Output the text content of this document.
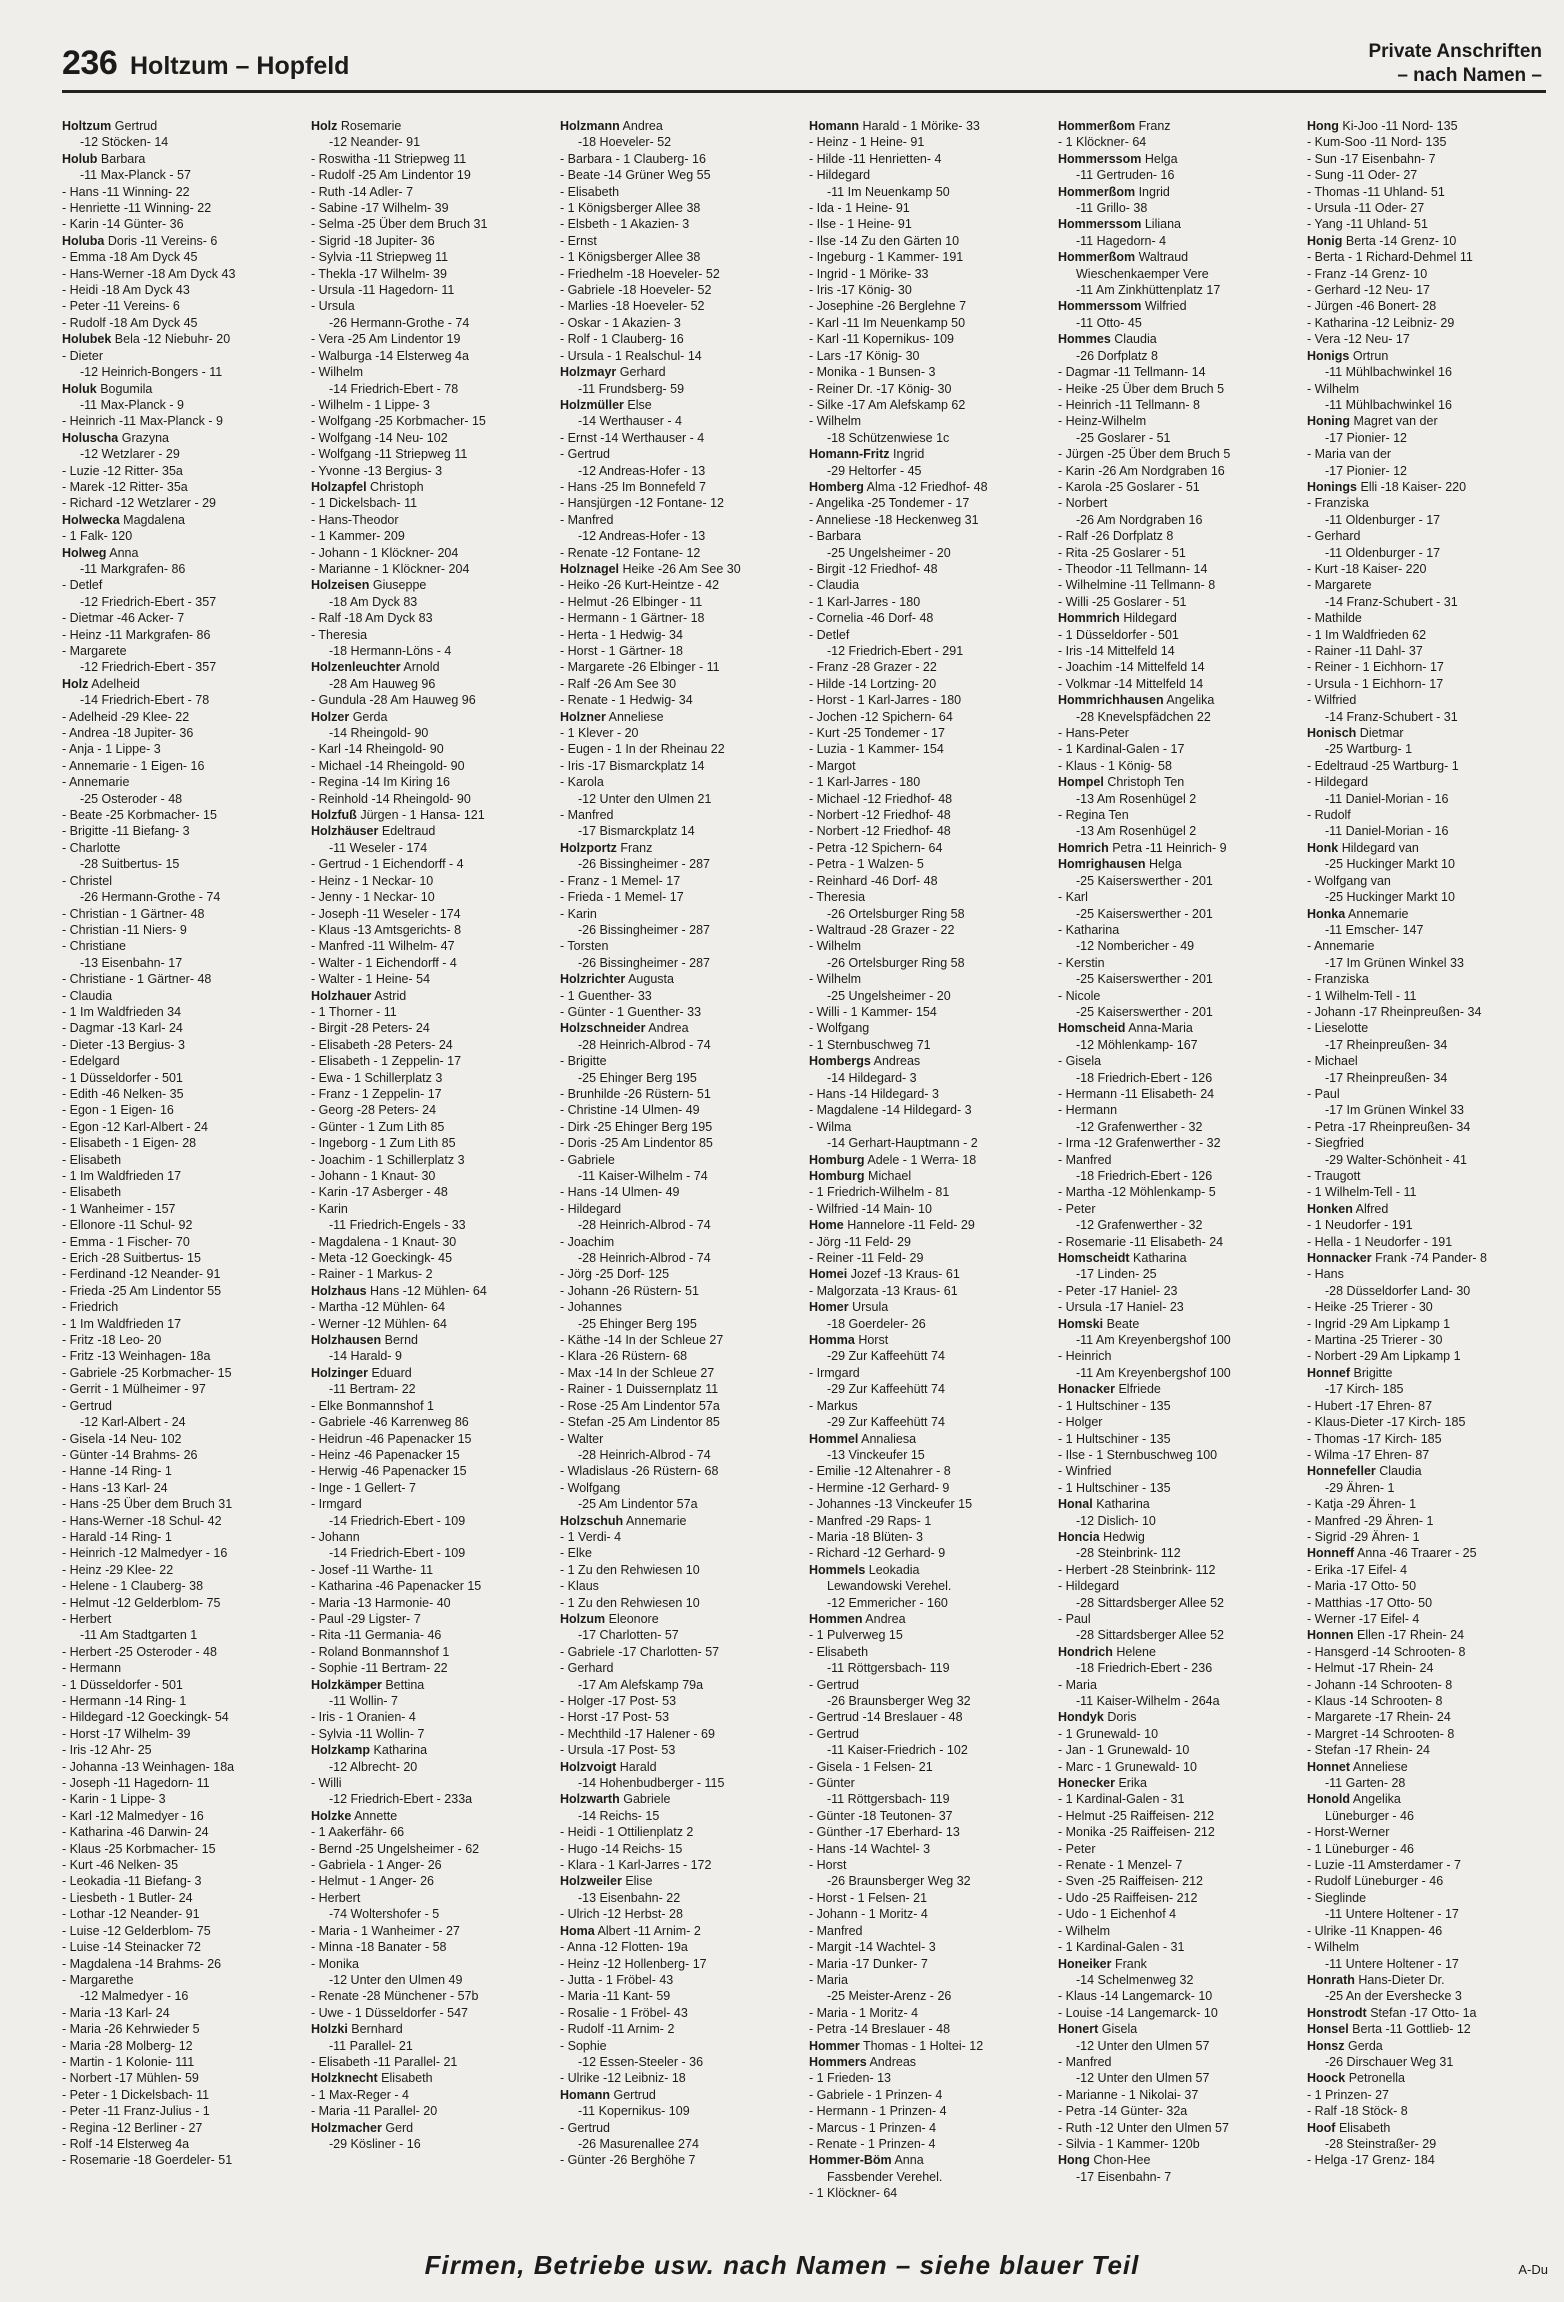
236 Holtzum – Hopfeld
Private Anschriften
– nach Namen –
Holtzum Gertrud
-12 Stöcken- 14
Holub Barbara
-11 Max-Planck - 57
- Hans -11 Winning- 22
- Henriette -11 Winning- 22
- Karin -14 Günter- 36
Holuba Doris -11 Vereins- 6
- Emma -18 Am Dyck 45
- Hans-Werner -18 Am Dyck 43
- Heidi -18 Am Dyck 43
- Peter -11 Vereins- 6
- Rudolf -18 Am Dyck 45
Holubek Bela -12 Niebuhr- 20
- Dieter
-12 Heinrich-Bongers - 11
Holuk Bogumila
-11 Max-Planck - 9
- Heinrich -11 Max-Planck - 9
Holuscha Grazyna
-12 Wetzlarer - 29
- Luzie -12 Ritter- 35a
- Marek -12 Ritter- 35a
- Richard -12 Wetzlarer - 29
Holwecka Magdalena
- 1 Falk- 120
Holweg Anna
-11 Markgrafen- 86
- Detlef
-12 Friedrich-Ebert - 357
- Dietmar -46 Acker- 7
- Heinz -11 Markgrafen- 86
- Margarete
-12 Friedrich-Ebert - 357
Holz Adelheid
-14 Friedrich-Ebert - 78
- Adelheid -29 Klee- 22
- Andrea -18 Jupiter- 36
- Anja - 1 Lippe- 3
- Annemarie - 1 Eigen- 16
- Annemarie
-25 Osteroder - 48
- Beate -25 Korbmacher- 15
- Brigitte -11 Biefang- 3
- Charlotte
-28 Suitbertus- 15
- Christel
-26 Hermann-Grothe - 74
- Christian - 1 Gärtner- 48
- Christian -11 Niers- 9
- Christiane
-13 Eisenbahn- 17
- Christiane - 1 Gärtner- 48
- Claudia
- 1 Im Waldfrieden 34
- Dagmar -13 Karl- 24
- Dieter -13 Bergius- 3
- Edelgard
- 1 Düsseldorfer - 501
- Edith -46 Nelken- 35
- Egon - 1 Eigen- 16
- Egon -12 Karl-Albert - 24
- Elisabeth - 1 Eigen- 28
- Elisabeth
- 1 Im Waldfrieden 17
- Elisabeth
- 1 Wanheimer - 157
- Ellonore -11 Schul- 92
- Emma - 1 Fischer- 70
- Erich -28 Suitbertus- 15
- Ferdinand -12 Neander- 91
- Frieda -25 Am Lindentor 55
- Friedrich
- 1 Im Waldfrieden 17
- Fritz -18 Leo- 20
- Fritz -13 Weinhagen- 18a
- Gabriele -25 Korbmacher- 15
- Gerrit - 1 Mülheimer - 97
- Gertrud
-12 Karl-Albert - 24
- Gisela -14 Neu- 102
- Günter -14 Brahms- 26
- Hanne -14 Ring- 1
- Hans -13 Karl- 24
- Hans -25 Über dem Bruch 31
- Hans-Werner -18 Schul- 42
- Harald -14 Ring- 1
- Heinrich -12 Malmedyer - 16
- Heinz -29 Klee- 22
- Helene - 1 Clauberg- 38
- Helmut -12 Gelderblom- 75
- Herbert
-11 Am Stadtgarten 1
- Herbert -25 Osteroder - 48
- Hermann
- 1 Düsseldorfer - 501
- Hermann -14 Ring- 1
- Hildegard -12 Goeckingk- 54
- Horst -17 Wilhelm- 39
- Iris -12 Ahr- 25
- Johanna -13 Weinhagen- 18a
- Joseph -11 Hagedorn- 11
- Karin - 1 Lippe- 3
- Karl -12 Malmedyer - 16
- Katharina -46 Darwin- 24
- Klaus -25 Korbmacher- 15
- Kurt -46 Nelken- 35
- Leokadia -11 Biefang- 3
- Liesbeth - 1 Butler- 24
- Lothar -12 Neander- 91
- Luise -12 Gelderblom- 75
- Luise -14 Steinacker 72
- Magdalena -14 Brahms- 26
- Margarethe
-12 Malmedyer - 16
- Maria -13 Karl- 24
- Maria -26 Kehrwieder 5
- Maria -28 Molberg- 12
- Martin - 1 Kolonie- 111
- Norbert -17 Mühlen- 59
- Peter - 1 Dickelsbach- 11
- Peter -11 Franz-Julius - 1
- Regina -12 Berliner - 27
- Rolf -14 Elsterweg 4a
- Rosemarie -18 Goerdeler- 51
Holz Rosemarie
-12 Neander- 91
- Roswitha -11 Striepweg 11
- Rudolf -25 Am Lindentor 19
- Ruth -14 Adler- 7
- Sabine -17 Wilhelm- 39
- Selma -25 Über dem Bruch 31
- Sigrid -18 Jupiter- 36
- Sylvia -11 Striepweg 11
- Thekla -17 Wilhelm- 39
- Ursula -11 Hagedorn- 11
- Ursula
-26 Hermann-Grothe - 74
- Vera -25 Am Lindentor 19
- Walburga -14 Elsterweg 4a
- Wilhelm
-14 Friedrich-Ebert - 78
- Wilhelm - 1 Lippe- 3
- Wolfgang -25 Korbmacher- 15
- Wolfgang -14 Neu- 102
- Wolfgang -11 Striepweg 11
- Yvonne -13 Bergius- 3
Holzapfel Christoph
- 1 Dickelsbach- 11
- Hans-Theodor
- 1 Kammer- 209
- Johann - 1 Klöckner- 204
- Marianne - 1 Klöckner- 204
Holzeisen Giuseppe
-18 Am Dyck 83
- Ralf -18 Am Dyck 83
- Theresia
-18 Hermann-Löns - 4
Holzenleuchter Arnold
-28 Am Hauweg 96
- Gundula -28 Am Hauweg 96
Holzer Gerda
-14 Rheingold- 90
- Karl -14 Rheingold- 90
- Michael -14 Rheingold- 90
- Regina -14 Im Kiring 16
- Reinhold -14 Rheingold- 90
Holzfuß Jürgen - 1 Hansa- 121
Holzhäuser Edeltraud
-11 Weseler - 174
- Gertrud - 1 Eichendorff - 4
- Heinz - 1 Neckar- 10
- Jenny - 1 Neckar- 10
- Joseph -11 Weseler - 174
- Klaus -13 Amtsgerichts- 8
- Manfred -11 Wilhelm- 47
- Walter - 1 Eichendorff - 4
- Walter - 1 Heine- 54
Holzhauer Astrid
- 1 Thorner - 11
- Birgit -28 Peters- 24
- Elisabeth -28 Peters- 24
- Elisabeth - 1 Zeppelin- 17
- Ewa - 1 Schillerplatz 3
- Franz - 1 Zeppelin- 17
- Georg -28 Peters- 24
- Günter - 1 Zum Lith 85
- Ingeborg - 1 Zum Lith 85
- Joachim - 1 Schillerplatz 3
- Johann - 1 Knaut- 30
- Karin -17 Asberger - 48
- Karin
-11 Friedrich-Engels - 33
- Magdalena - 1 Knaut- 30
- Meta -12 Goeckingk- 45
- Rainer - 1 Markus- 2
Holzhaus Hans -12 Mühlen- 64
- Martha -12 Mühlen- 64
- Werner -12 Mühlen- 64
Holzhausen Bernd
-14 Harald- 9
Holzinger Eduard
-11 Bertram- 22
- Elke Bonmannshof 1
- Gabriele -46 Karrenweg 86
- Heidrun -46 Papenacker 15
- Heinz -46 Papenacker 15
- Herwig -46 Papenacker 15
- Inge - 1 Gellert- 7
- Irmgard
-14 Friedrich-Ebert - 109
- Johann
-14 Friedrich-Ebert - 109
- Josef -11 Warthe- 11
- Katharina -46 Papenacker 15
- Maria -13 Harmonie- 40
- Paul -29 Ligster- 7
- Rita -11 Germania- 46
- Roland Bonmannshof 1
- Sophie -11 Bertram- 22
Holzkämper Bettina
-11 Wollin- 7
- Iris - 1 Oranien- 4
- Sylvia -11 Wollin- 7
Holzkamp Katharina
-12 Albrecht- 20
- Willi
-12 Friedrich-Ebert - 233a
Holzke Annette
- 1 Aakerfähr- 66
- Bernd -25 Ungelsheimer - 62
- Gabriela - 1 Anger- 26
- Helmut - 1 Anger- 26
- Herbert
-74 Woltershofer - 5
- Maria - 1 Wanheimer - 27
- Minna -18 Banater - 58
- Monika
-12 Unter den Ulmen 49
- Renate -28 Münchener - 57b
- Uwe - 1 Düsseldorfer - 547
Holzki Bernhard
-11 Parallel- 21
- Elisabeth -11 Parallel- 21
Holzknecht Elisabeth
- 1 Max-Reger - 4
- Maria -11 Parallel- 20
Holzmacher Gerd
-29 Kösliner - 16
Holzmann Andrea
-18 Hoeveler- 52
- Barbara - 1 Clauberg- 16
- Beate -14 Grüner Weg 55
- Elisabeth
- 1 Königsberger Allee 38
- Elsbeth - 1 Akazien- 3
- Ernst
- 1 Königsberger Allee 38
- Friedhelm -18 Hoeveler- 52
- Gabriele -18 Hoeveler- 52
- Marlies -18 Hoeveler- 52
- Oskar - 1 Akazien- 3
- Rolf - 1 Clauberg- 16
- Ursula - 1 Realschul- 14
Holzmayr Gerhard
-11 Frundsberg- 59
Holzmüller Else
-14 Werthauser - 4
- Ernst -14 Werthauser - 4
- Gertrud
-12 Andreas-Hofer - 13
- Hans -25 Im Bonnefeld 7
- Hansjürgen -12 Fontane- 12
- Manfred
-12 Andreas-Hofer - 13
- Renate -12 Fontane- 12
Holznagel Heike -26 Am See 30
- Heiko -26 Kurt-Heintze - 42
- Helmut -26 Elbinger - 11
- Hermann - 1 Gärtner- 18
- Herta - 1 Hedwig- 34
- Horst - 1 Gärtner- 18
- Margarete -26 Elbinger - 11
- Ralf -26 Am See 30
- Renate - 1 Hedwig- 34
Holzner Anneliese
- 1 Klever - 20
- Eugen - 1 In der Rheinau 22
- Iris -17 Bismarckplatz 14
- Karola
-12 Unter den Ulmen 21
- Manfred
-17 Bismarckplatz 14
Holzportz Franz
-26 Bissingheimer - 287
- Franz - 1 Memel- 17
- Frieda - 1 Memel- 17
- Karin
-26 Bissingheimer - 287
- Torsten
-26 Bissingheimer - 287
Holzrichter Augusta
- 1 Guenther- 33
- Günter - 1 Guenther- 33
Holzschneider Andrea
-28 Heinrich-Albrod - 74
- Brigitte
-25 Ehinger Berg 195
- Brunhilde -26 Rüstern- 51
- Christine -14 Ulmen- 49
- Dirk -25 Ehinger Berg 195
- Doris -25 Am Lindentor 85
- Gabriele
-11 Kaiser-Wilhelm - 74
- Hans -14 Ulmen- 49
- Hildegard
-28 Heinrich-Albrod - 74
- Joachim
-28 Heinrich-Albrod - 74
- Jörg -25 Dorf- 125
- Johann -26 Rüstern- 51
- Johannes
-25 Ehinger Berg 195
- Käthe -14 In der Schleue 27
- Klara -26 Rüstern- 68
- Max -14 In der Schleue 27
- Rainer - 1 Duissernplatz 11
- Rose -25 Am Lindentor 57a
- Stefan -25 Am Lindentor 85
- Walter
-28 Heinrich-Albrod - 74
- Wladislaus -26 Rüstern- 68
- Wolfgang
-25 Am Lindentor 57a
Holzschuh Annemarie
- 1 Verdi- 4
- Elke
- 1 Zu den Rehwiesen 10
- Klaus
- 1 Zu den Rehwiesen 10
Holzum Eleonore
-17 Charlotten- 57
- Gabriele -17 Charlotten- 57
- Gerhard
-17 Am Alefskamp 79a
- Holger -17 Post- 53
- Horst -17 Post- 53
- Mechthild -17 Halener - 69
- Ursula -17 Post- 53
Holzvoigt Harald
-14 Hohenbudberger - 115
Holzwarth Gabriele
-14 Reichs- 15
- Heidi - 1 Ottilienplatz 2
- Hugo -14 Reichs- 15
- Klara - 1 Karl-Jarres - 172
Holzweiler Elise
-13 Eisenbahn- 22
- Ulrich -12 Herbst- 28
Homa Albert -11 Arnim- 2
- Anna -12 Flotten- 19a
- Heinz -12 Hollenberg- 17
- Jutta - 1 Fröbel- 43
- Maria -11 Kant- 59
- Rosalie - 1 Fröbel- 43
- Rudolf -11 Arnim- 2
- Sophie
-12 Essen-Steeler - 36
- Ulrike -12 Leibniz- 18
Homann Gertrud
-11 Kopernikus- 109
- Gertrud
-26 Masurenallee 274
- Günter -26 Berghöhe 7
Homann Harald - 1 Mörike- 33
- Heinz - 1 Heine- 91
- Hilde -11 Henrietten- 4
- Hildegard
-11 Im Neuenkamp 50
- Ida - 1 Heine- 91
- Ilse - 1 Heine- 91
- Ilse -14 Zu den Gärten 10
- Ingeburg - 1 Kammer- 191
- Ingrid - 1 Mörike- 33
- Iris -17 König- 30
- Josephine -26 Berglehne 7
- Karl -11 Im Neuenkamp 50
- Karl -11 Kopernikus- 109
- Lars -17 König- 30
- Monika - 1 Bunsen- 3
- Reiner Dr. -17 König- 30
- Silke -17 Am Alefskamp 62
- Wilhelm
-18 Schützenwiese 1c
Homann-Fritz Ingrid
-29 Heltorfer - 45
Homberg Alma -12 Friedhof- 48
- Angelika -25 Tondemer - 17
- Anneliese -18 Heckenweg 31
- Barbara
-25 Ungelsheimer - 20
- Birgit -12 Friedhof- 48
- Claudia
- 1 Karl-Jarres - 180
- Cornelia -46 Dorf- 48
- Detlef
-12 Friedrich-Ebert - 291
- Franz -28 Grazer - 22
- Hilde -14 Lortzing- 20
- Horst - 1 Karl-Jarres - 180
- Jochen -12 Spichern- 64
- Kurt -25 Tondemer - 17
- Luzia - 1 Kammer- 154
- Margot
- 1 Karl-Jarres - 180
- Michael -12 Friedhof- 48
- Norbert -12 Friedhof- 48
- Norbert -12 Friedhof- 48
- Petra -12 Spichern- 64
- Petra - 1 Walzen- 5
- Reinhard -46 Dorf- 48
- Theresia
-26 Ortelsburger Ring 58
- Waltraud -28 Grazer - 22
- Wilhelm
-26 Ortelsburger Ring 58
- Wilhelm
-25 Ungelsheimer - 20
- Willi - 1 Kammer- 154
- Wolfgang
- 1 Sternbuschweg 71
Hombergs Andreas
-14 Hildegard- 3
- Hans -14 Hildegard- 3
- Magdalene -14 Hildegard- 3
- Wilma
-14 Gerhart-Hauptmann - 2
Homburg Adele - 1 Werra- 18
Homburg Michael
- 1 Friedrich-Wilhelm - 81
- Wilfried -14 Main- 10
Home Hannelore -11 Feld- 29
- Jörg -11 Feld- 29
- Reiner -11 Feld- 29
Homei Jozef -13 Kraus- 61
- Malgorzata -13 Kraus- 61
Homer Ursula
-18 Goerdeler- 26
Homma Horst
-29 Zur Kaffeehütt 74
- Irmgard
-29 Zur Kaffeehütt 74
- Markus
-29 Zur Kaffeehütt 74
Hommel Annaliesa
-13 Vinckeufer 15
- Emilie -12 Altenahrer - 8
- Hermine -12 Gerhard- 9
- Johannes -13 Vinckeufer 15
- Manfred -29 Raps- 1
- Maria -18 Blüten- 3
- Richard -12 Gerhard- 9
Hommels Leokadia
Lewandowski Verehel.
-12 Emmericher - 160
Hommen Andrea
- 1 Pulverweg 15
- Elisabeth
-11 Röttgersbach- 119
- Gertrud
-26 Braunsberger Weg 32
- Gertrud -14 Breslauer - 48
- Gertrud
-11 Kaiser-Friedrich - 102
- Gisela - 1 Felsen- 21
- Günter
-11 Röttgersbach- 119
- Günter -18 Teutonen- 37
- Günther -17 Eberhard- 13
- Hans -14 Wachtel- 3
- Horst
-26 Braunsberger Weg 32
- Horst - 1 Felsen- 21
- Johann - 1 Moritz- 4
- Manfred
- Margit -14 Wachtel- 3
- Maria -17 Dunker- 7
- Maria
-25 Meister-Arenz - 26
- Maria - 1 Moritz- 4
- Petra -14 Breslauer - 48
Hommer Thomas - 1 Holtei- 12
Hommers Andreas
- 1 Frieden- 13
- Gabriele - 1 Prinzen- 4
- Hermann - 1 Prinzen- 4
- Marcus - 1 Prinzen- 4
- Renate - 1 Prinzen- 4
Hommer-Böm Anna
Fassbender Verehel.
- 1 Klöckner- 64
Hommerßom Franz
- 1 Klöckner- 64
Hommerssom Helga
-11 Gertruden- 16
Hommerßom Ingrid
-11 Grillo- 38
Hommerssom Liliana
-11 Hagedorn- 4
Hommerßom Waltraud
Wieschenkaemper Vere
-11 Am Zinkhüttenplatz 17
Hommerssom Wilfried
-11 Otto- 45
Hommes Claudia
-26 Dorfplatz 8
- Dagmar -11 Tellmann- 14
- Heike -25 Über dem Bruch 5
- Heinrich -11 Tellmann- 8
- Heinz-Wilhelm
-25 Goslarer - 51
- Jürgen -25 Über dem Bruch 5
- Karin -26 Am Nordgraben 16
- Karola -25 Goslarer - 51
- Norbert
-26 Am Nordgraben 16
- Ralf -26 Dorfplatz 8
- Rita -25 Goslarer - 51
- Theodor -11 Tellmann- 14
- Wilhelmine -11 Tellmann- 8
- Willi -25 Goslarer - 51
Hommrich Hildegard
- 1 Düsseldorfer - 501
- Iris -14 Mittelfeld 14
- Joachim -14 Mittelfeld 14
- Volkmar -14 Mittelfeld 14
Hommrichhausen Angelika
-28 Knevelspfädchen 22
- Hans-Peter
- 1 Kardinal-Galen - 17
- Klaus - 1 König- 58
Hompel Christoph Ten
-13 Am Rosenhügel 2
- Regina Ten
-13 Am Rosenhügel 2
Homrich Petra -11 Heinrich- 9
Homrighausen Helga
-25 Kaiserswerther - 201
- Karl
-25 Kaiserswerther - 201
- Katharina
-12 Nombericher - 49
- Kerstin
-25 Kaiserswerther - 201
- Nicole
-25 Kaiserswerther - 201
Homscheid Anna-Maria
-12 Möhlenkamp- 167
- Gisela
-18 Friedrich-Ebert - 126
- Hermann -11 Elisabeth- 24
- Hermann
-12 Grafenwerther - 32
- Irma -12 Grafenwerther - 32
- Manfred
-18 Friedrich-Ebert - 126
- Martha -12 Möhlenkamp- 5
- Peter
-12 Grafenwerther - 32
- Rosemarie -11 Elisabeth- 24
Homscheidt Katharina
-17 Linden- 25
- Peter -17 Haniel- 23
- Ursula -17 Haniel- 23
Homski Beate
-11 Am Kreyenbergshof 100
- Heinrich
-11 Am Kreyenbergshof 100
Honacker Elfriede
- 1 Hultschiner - 135
- Holger
- 1 Hultschiner - 135
- Ilse - 1 Sternbuschweg 100
- Winfried
- 1 Hultschiner - 135
Honal Katharina
-12 Dislich- 10
Honcia Hedwig
-28 Steinbrink- 112
- Herbert -28 Steinbrink- 112
- Hildegard
-28 Sittardsberger Allee 52
- Paul
-28 Sittardsberger Allee 52
Hondrich Helene
-18 Friedrich-Ebert - 236
- Maria
-11 Kaiser-Wilhelm - 264a
Hondyk Doris
- 1 Grunewald- 10
- Jan - 1 Grunewald- 10
- Marc - 1 Grunewald- 10
Honecker Erika
- 1 Kardinal-Galen - 31
- Helmut -25 Raiffeisen- 212
- Monika -25 Raiffeisen- 212
- Peter
- Renate - 1 Menzel- 7
- Sven -25 Raiffeisen- 212
- Udo -25 Raiffeisen- 212
- Udo - 1 Eichenhof 4
- Wilhelm
- 1 Kardinal-Galen - 31
Honeiker Frank
-14 Schelmenweg 32
- Klaus -14 Langemarck- 10
- Louise -14 Langemarck- 10
Honert Gisela
-12 Unter den Ulmen 57
- Manfred
-12 Unter den Ulmen 57
- Marianne - 1 Nikolai- 37
- Petra -14 Günter- 32a
- Ruth -12 Unter den Ulmen 57
- Silvia - 1 Kammer- 120b
Hong Chon-Hee
-17 Eisenbahn- 7
Hong Ki-Joo -11 Nord- 135
- Kum-Soo -11 Nord- 135
- Sun -17 Eisenbahn- 7
- Sung -11 Oder- 27
- Thomas -11 Uhland- 51
- Ursula -11 Oder- 27
- Yang -11 Uhland- 51
Honig Berta -14 Grenz- 10
- Berta - 1 Richard-Dehmel 11
- Franz -14 Grenz- 10
- Gerhard -12 Neu- 17
- Jürgen -46 Bonert- 28
- Katharina -12 Leibniz- 29
- Vera -12 Neu- 17
Honigs Ortrun
-11 Mühlbachwinkel 16
- Wilhelm
-11 Mühlbachwinkel 16
Honing Magret van der
-17 Pionier- 12
- Maria van der
-17 Pionier- 12
Honings Elli -18 Kaiser- 220
- Franziska
-11 Oldenburger - 17
- Gerhard
-11 Oldenburger - 17
- Kurt -18 Kaiser- 220
- Margarete
-14 Franz-Schubert - 31
- Mathilde
- 1 Im Waldfrieden 62
- Rainer -11 Dahl- 37
- Reiner - 1 Eichhorn- 17
- Ursula - 1 Eichhorn- 17
- Wilfried
-14 Franz-Schubert - 31
Honisch Dietmar
-25 Wartburg- 1
- Edeltraud -25 Wartburg- 1
- Hildegard
-11 Daniel-Morian - 16
- Rudolf
-11 Daniel-Morian - 16
Honk Hildegard van
-25 Huckinger Markt 10
- Wolfgang van
-25 Huckinger Markt 10
Honka Annemarie
-11 Emscher- 147
- Annemarie
-17 Im Grünen Winkel 33
- Franziska
- 1 Wilhelm-Tell - 11
- Johann -17 Rheinpreußen- 34
- Lieselotte
-17 Rheinpreußen- 34
- Michael
-17 Rheinpreußen- 34
- Paul
-17 Im Grünen Winkel 33
- Petra -17 Rheinpreußen- 34
- Siegfried
-29 Walter-Schönheit - 41
- Traugott
- 1 Wilhelm-Tell - 11
Honken Alfred
- 1 Neudorfer - 191
- Hella - 1 Neudorfer - 191
Honnacker Frank -74 Pander- 8
- Hans
-28 Düsseldorfer Land- 30
- Heike -25 Trierer - 30
- Ingrid -29 Am Lipkamp 1
- Martina -25 Trierer - 30
- Norbert -29 Am Lipkamp 1
Honnef Brigitte
-17 Kirch- 185
- Hubert -17 Ehren- 87
- Klaus-Dieter -17 Kirch- 185
- Thomas -17 Kirch- 185
- Wilma -17 Ehren- 87
Honnefeller Claudia
-29 Ähren- 1
- Katja -29 Ähren- 1
- Manfred -29 Ähren- 1
- Sigrid -29 Ähren- 1
Honneff Anna -46 Traarer - 25
- Erika -17 Eifel- 4
- Maria -17 Otto- 50
- Matthias -17 Otto- 50
- Werner -17 Eifel- 4
Honnen Ellen -17 Rhein- 24
- Hansgerd -14 Schrooten- 8
- Helmut -17 Rhein- 24
- Johann -14 Schrooten- 8
- Klaus -14 Schrooten- 8
- Margarete -17 Rhein- 24
- Margret -14 Schrooten- 8
- Stefan -17 Rhein- 24
Honnet Anneliese
-11 Garten- 28
Honold Angelika
Lüneburger - 46
- Horst-Werner
- 1 Lüneburger - 46
- Luzie -11 Amsterdamer - 7
- Rudolf Lüneburger - 46
- Sieglinde
-11 Untere Holtener - 17
- Ulrike -11 Knappen- 46
- Wilhelm
-11 Untere Holtener - 17
Honrath Hans-Dieter Dr.
-25 An der Evershecke 3
Honstrodt Stefan -17 Otto- 1a
Honsel Berta -11 Gottlieb- 12
Honsz Gerda
-26 Dirschauer Weg 31
Hoock Petronella
- 1 Prinzen- 27
- Ralf -18 Stöck- 8
Hoof Elisabeth
-28 Steinstraßer- 29
- Helga -17 Grenz- 184
Firmen, Betriebe usw. nach Namen – siehe blauer Teil	A-Du
